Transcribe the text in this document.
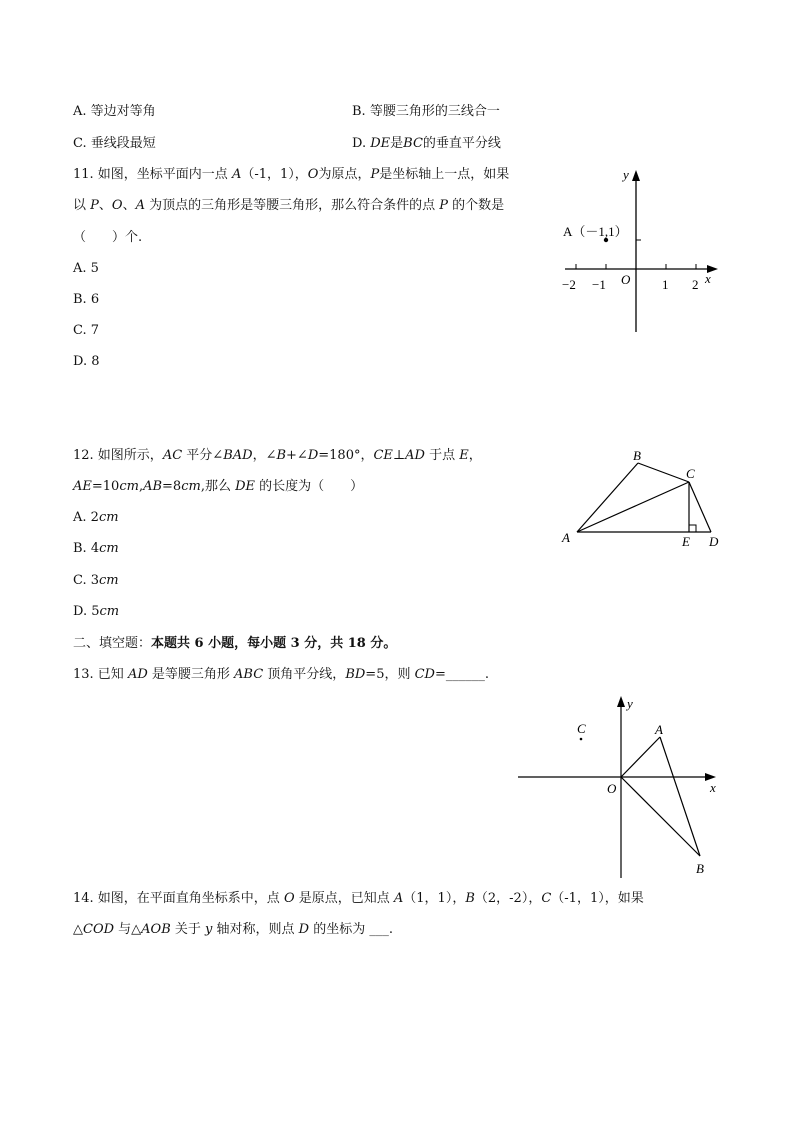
A. 等边对等角	B. 等腰三角形的三线合一
C. 垂线段最短	D. DE是BC的垂直平分线
11. 如图，坐标平面内一点 A（-1，1），O为原点，P是坐标轴上一点，如果
以 P、O、A 为顶点的三角形是等腰三角形，那么符合条件的点 P 的个数是
（　　）个.
A. 5
B. 6
C. 7
D. 8
A（－1,1）
y
x
O
−2 −1	1 2
12. 如图所示，AC 平分∠BAD，∠B+∠D=180°，CE⊥AD 于点 E，
AE=10cm,AB=8cm,那么 DE 的长度为（　　）
A. 2cm
B. 4cm
C. 3cm
D. 5cm
A
B
C
D
E
二、填空题：本题共 6 小题，每小题 3 分，共 18 分。
13. 已知 AD 是等腰三角形 ABC 顶角平分线，BD=5，则 CD=______.
C	A
B
O	x
y
14. 如图，在平面直角坐标系中，点 O 是原点，已知点 A（1，1），B（2，-2），C（-1，1），如果
△COD 与△AOB 关于 y 轴对称，则点 D 的坐标为 ___.
